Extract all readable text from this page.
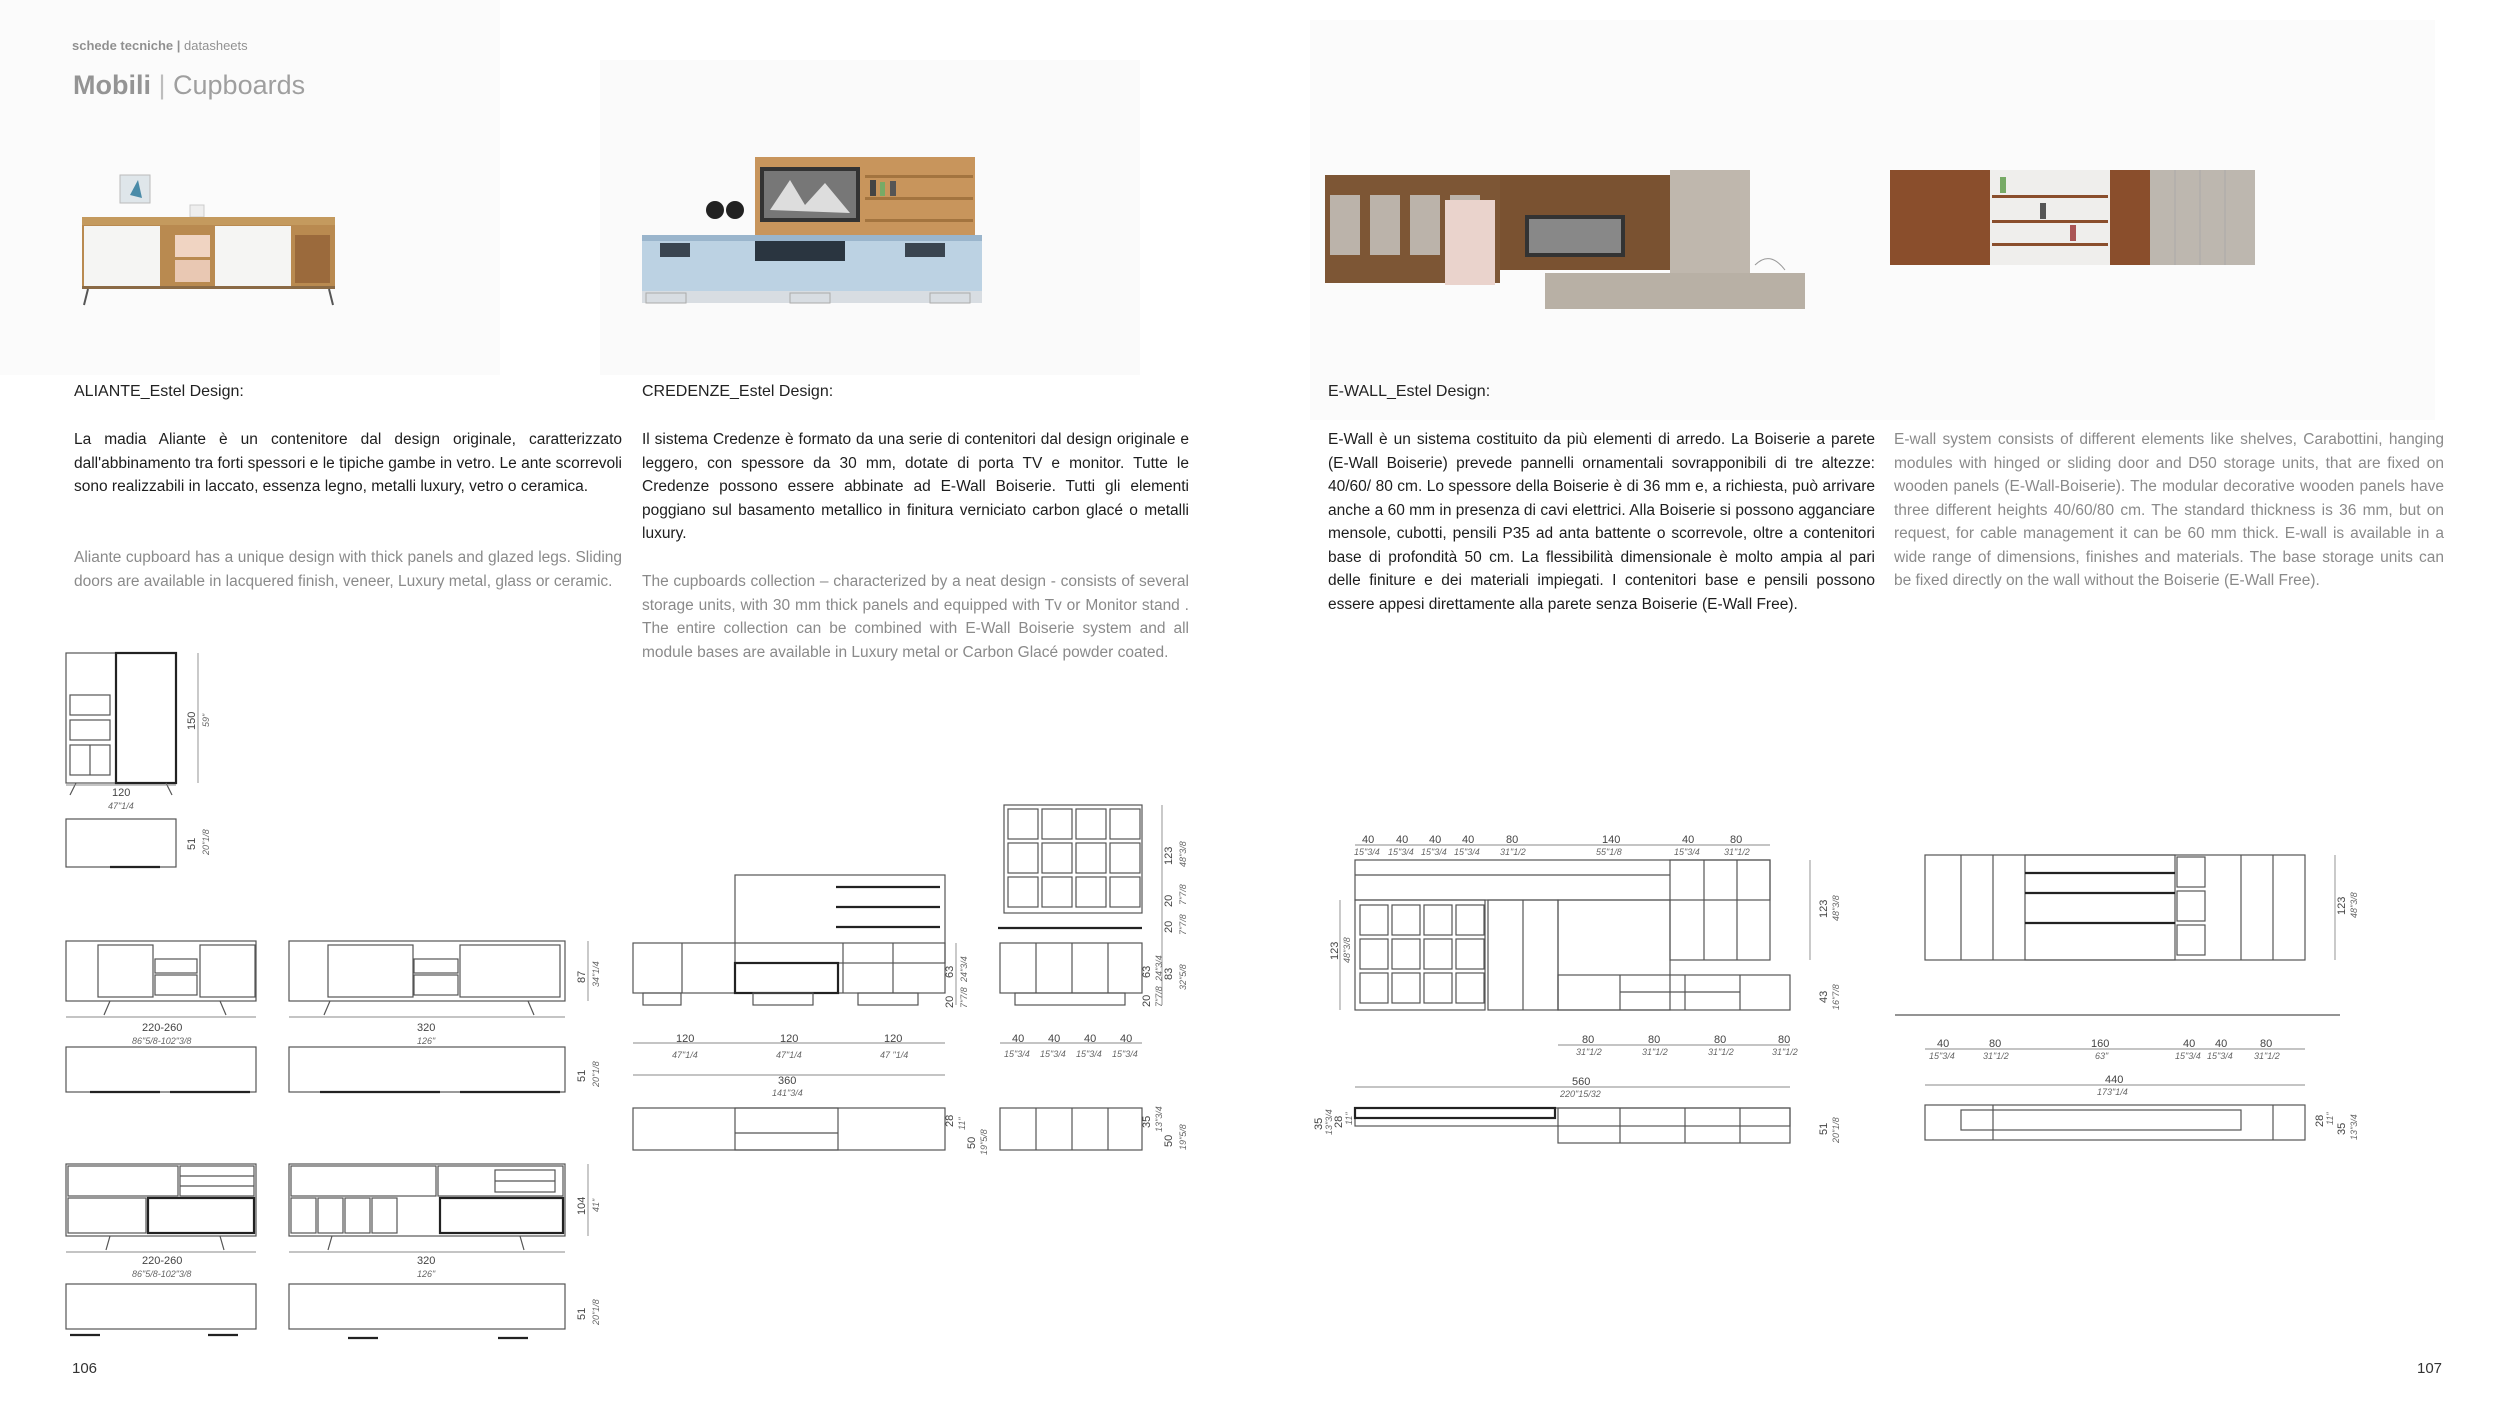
ALIANTE_Estel Design:	CREDENZE_Estel Design:	E-WALL_Estel Design:
La madia Aliante è un contenitore dal design originale, caratterizzato dall'abbinamento tra forti spessori e le tipiche gambe in vetro. Le ante scorrevoli sono realizzabili in laccato, essenza legno, metalli luxury, vetro o ceramica.
Aliante cupboard has a unique design with thick panels and glazed legs. Sliding doors are available in lacquered finish, veneer, Luxury metal, glass or ceramic.
Il sistema Credenze è formato da una serie di contenitori dal design originale e leggero, con spessore da 30 mm, dotate di porta TV e monitor. Tutte le Credenze possono essere abbinate ad E-Wall Boiserie. Tutti gli elementi poggiano sul basamento metallico in finitura verniciato carbon glacé o metalli luxury.
The cupboards collection – characterized by a neat design - consists of several storage units, with 30 mm thick panels and equipped with Tv or Monitor stand . The entire collection can be combined with E-Wall Boiserie system and all module bases are available in Luxury metal or Carbon Glacé powder coated.
E-Wall è un sistema costituito da più elementi di arredo. La Boiserie a parete (E-Wall Boiserie) prevede pannelli ornamentali sovrapponibili di tre altezze: 40/60/ 80 cm. Lo spessore della Boiserie è di 36 mm e, a richiesta, può arrivare anche a 60 mm in presenza di cavi elettrici. Alla Boiserie si possono agganciare mensole, cubotti, pensili P35 ad anta battente o scorrevole, oltre a contenitori base di profondità 50 cm. La flessibilità dimensionale è molto ampia al pari delle finiture e dei materiali impiegati. I contenitori base e pensili possono essere appesi direttamente alla parete senza Boiserie (E-Wall Free).
E-wall system consists of different elements like shelves, Carabottini, hanging modules with hinged or sliding door and D50 storage units, that are fixed on wooden panels (E-Wall-Boiserie). The modular decorative wooden panels have three different heights 40/60/80 cm. The standard thickness is 36 mm, but on request, for cable management it can be 60 mm thick. E-wall is available in a wide range of dimensions, finishes and materials. The base storage units can be fixed directly on the wall without the Boiserie (E-Wall Free).
150 59"
120
47"1/4
51 20"1/8
220-260
86"5/8-102"3/8
320
126"
87 34"1/4
51 20"1/8
220-260
86"5/8-102"3/8
320
126"
104 41"
51 20"1/8
63 24"3/4
20 7"7/8
120
47"1/4
120
47"1/4
120
47 "1/4
360
141"3/4
28 11"
50 19"5/8
123 48"3/8
20 7"7/8
20 7"7/8
63 24"3/4 83 32"5/8
20 7"7/8
40
15"3/4
40
15"3/4
40
15"3/4
40
15"3/4
35 13"3/4
50 19"5/8
40
15"3/4
40
15"3/4
40
15"3/4
40
15"3/4
80
31"1/2
140
55"1/8
40
15"3/4
80
31"1/2
123 48"3/8
123 48"3/8
43 16"7/8
80
31"1/2
80
31"1/2
80
31"1/2
80
31"1/2
560
220"15/32
35 13"3/4 28 11"
51 20"1/8
123 48"3/8
40
15"3/4
80
31"1/2
160
63"
40
15"3/4
40
15"3/4
80
31"1/2
440
173"1/4
28 11"
35 13"3/4
106	107
